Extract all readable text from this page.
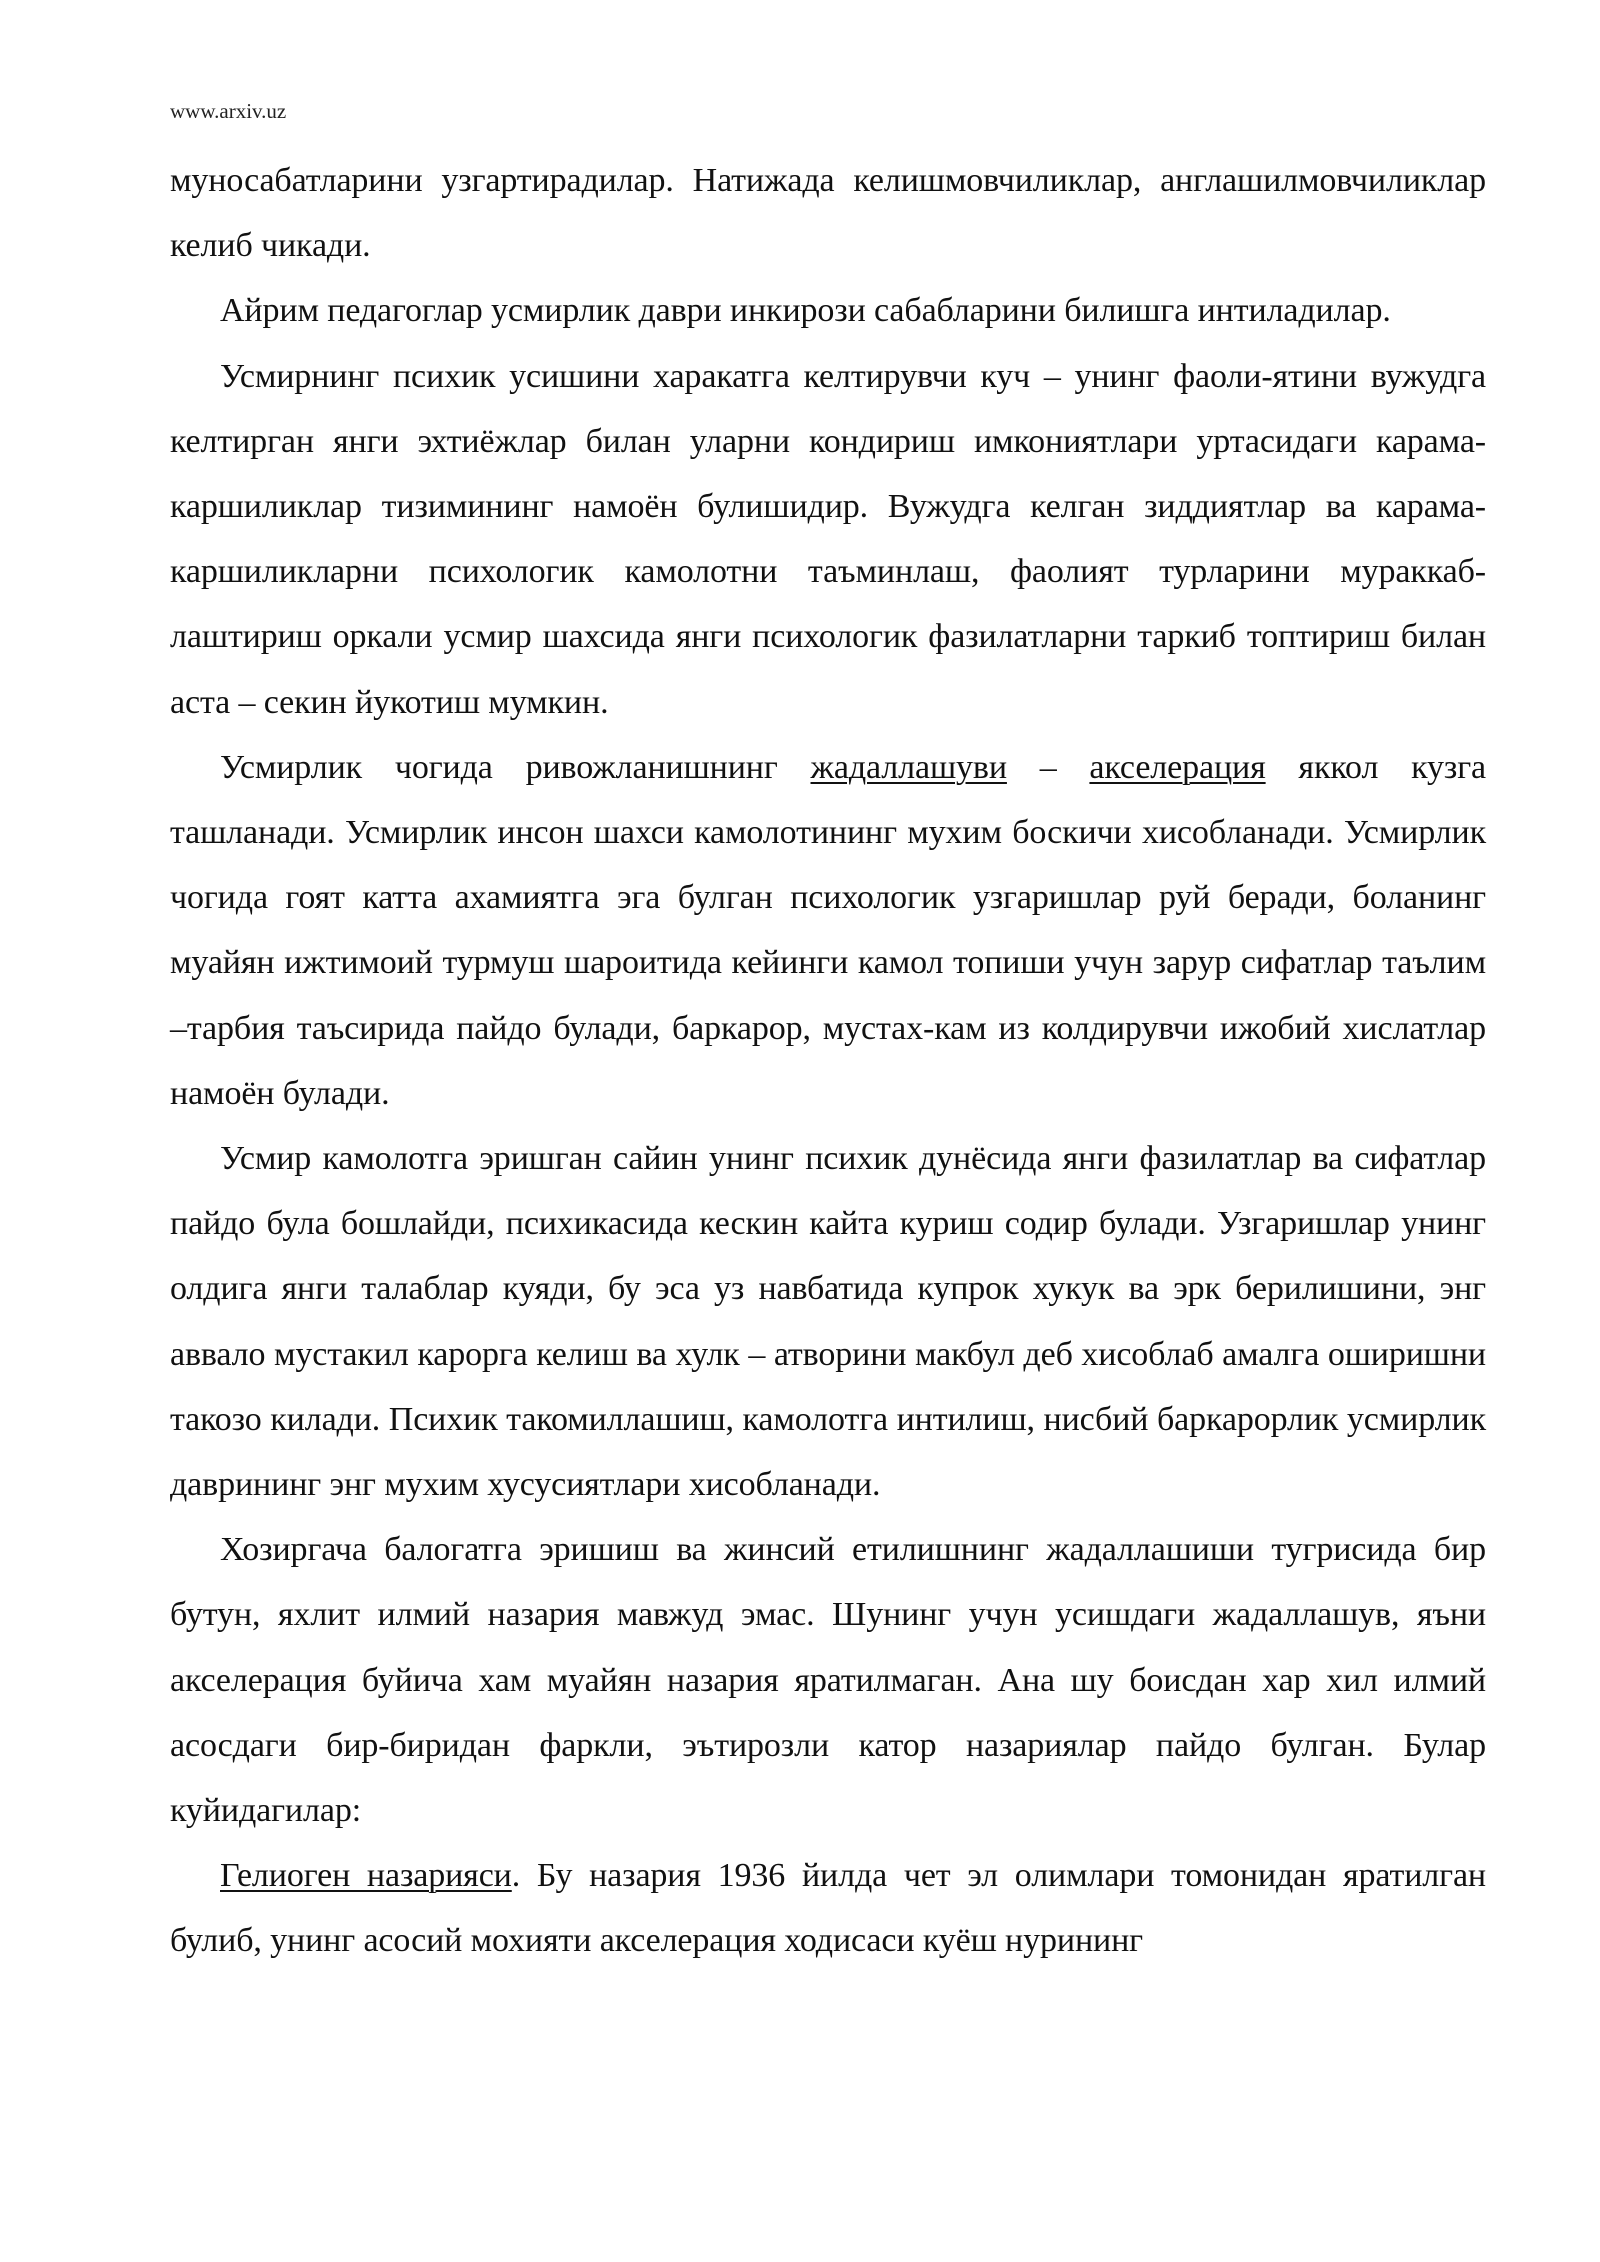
www.arxiv.uz

муносабатларини узгартирадилар. Натижада келишмовчиликлар, англашилмовчиликлар келиб чикади.

Айрим педагоглар усмирлик даври инкирози сабабларини билишга интиладилар.

Усмирнинг психик усишини харакатга келтирувчи куч – унинг фаоли-ятини вужудга келтирган янги эхтиёжлар билан уларни кондириш имкониятлари уртасидаги карама-каршиликлар тизимининг намоён булишидир. Вужудга келган зиддиятлар ва карама-каршиликларни психологик камолотни таъминлаш, фаолият турларини мураккаб-лаштириш оркали усмир шахсида янги психологик фазилатларни таркиб топтириш билан аста – секин йукотиш мумкин.

Усмирлик чогида ривожланишнинг жадаллашуви – акселерация яккол кузга ташланади. Усмирлик инсон шахси камолотининг мухим боскичи хисобланади. Усмирлик чогида гоят катта ахамиятга эга булган психологик узгаришлар руй беради, боланинг муайян ижтимоий турмуш шароитида кейинги камол топиши учун зарур сифатлар таълим –тарбия таъсирида пайдо булади, баркарор, мустах-кам из колдирувчи ижобий хислатлар намоён булади.

Усмир камолотга эришган сайин унинг психик дунёсида янги фазилатлар ва сифатлар пайдо була бошлайди, психикасида кескин кайта куриш содир булади. Узгаришлар унинг олдига янги талаблар куяди, бу эса уз навбатида купрок хукук ва эрк берилишини, энг аввало мустакил карорга келиш ва хулк – атворини макбул деб хисоблаб амалга оширишни такозо килади. Психик такомиллашиш, камолотга интилиш, нисбий баркарорлик усмирлик даврининг энг мухим хусусиятлари хисобланади.

Хозиргача балогатга эришиш ва жинсий етилишнинг жадаллашиши тугрисида бир бутун, яхлит илмий назария мавжуд эмас. Шунинг учун усишдаги жадаллашув, яъни акселерация буйича хам муайян назария яратилмаган. Ана шу боисдан хар хил илмий асосдаги бир-биридан фаркли, эътирозли катор назариялар пайдо булган. Булар куйидагилар:

Гелиоген назарияси. Бу назария 1936 йилда чет эл олимлари томонидан яратилган булиб, унинг асосий мохияти акселерация ходисаси куёш нурининг
